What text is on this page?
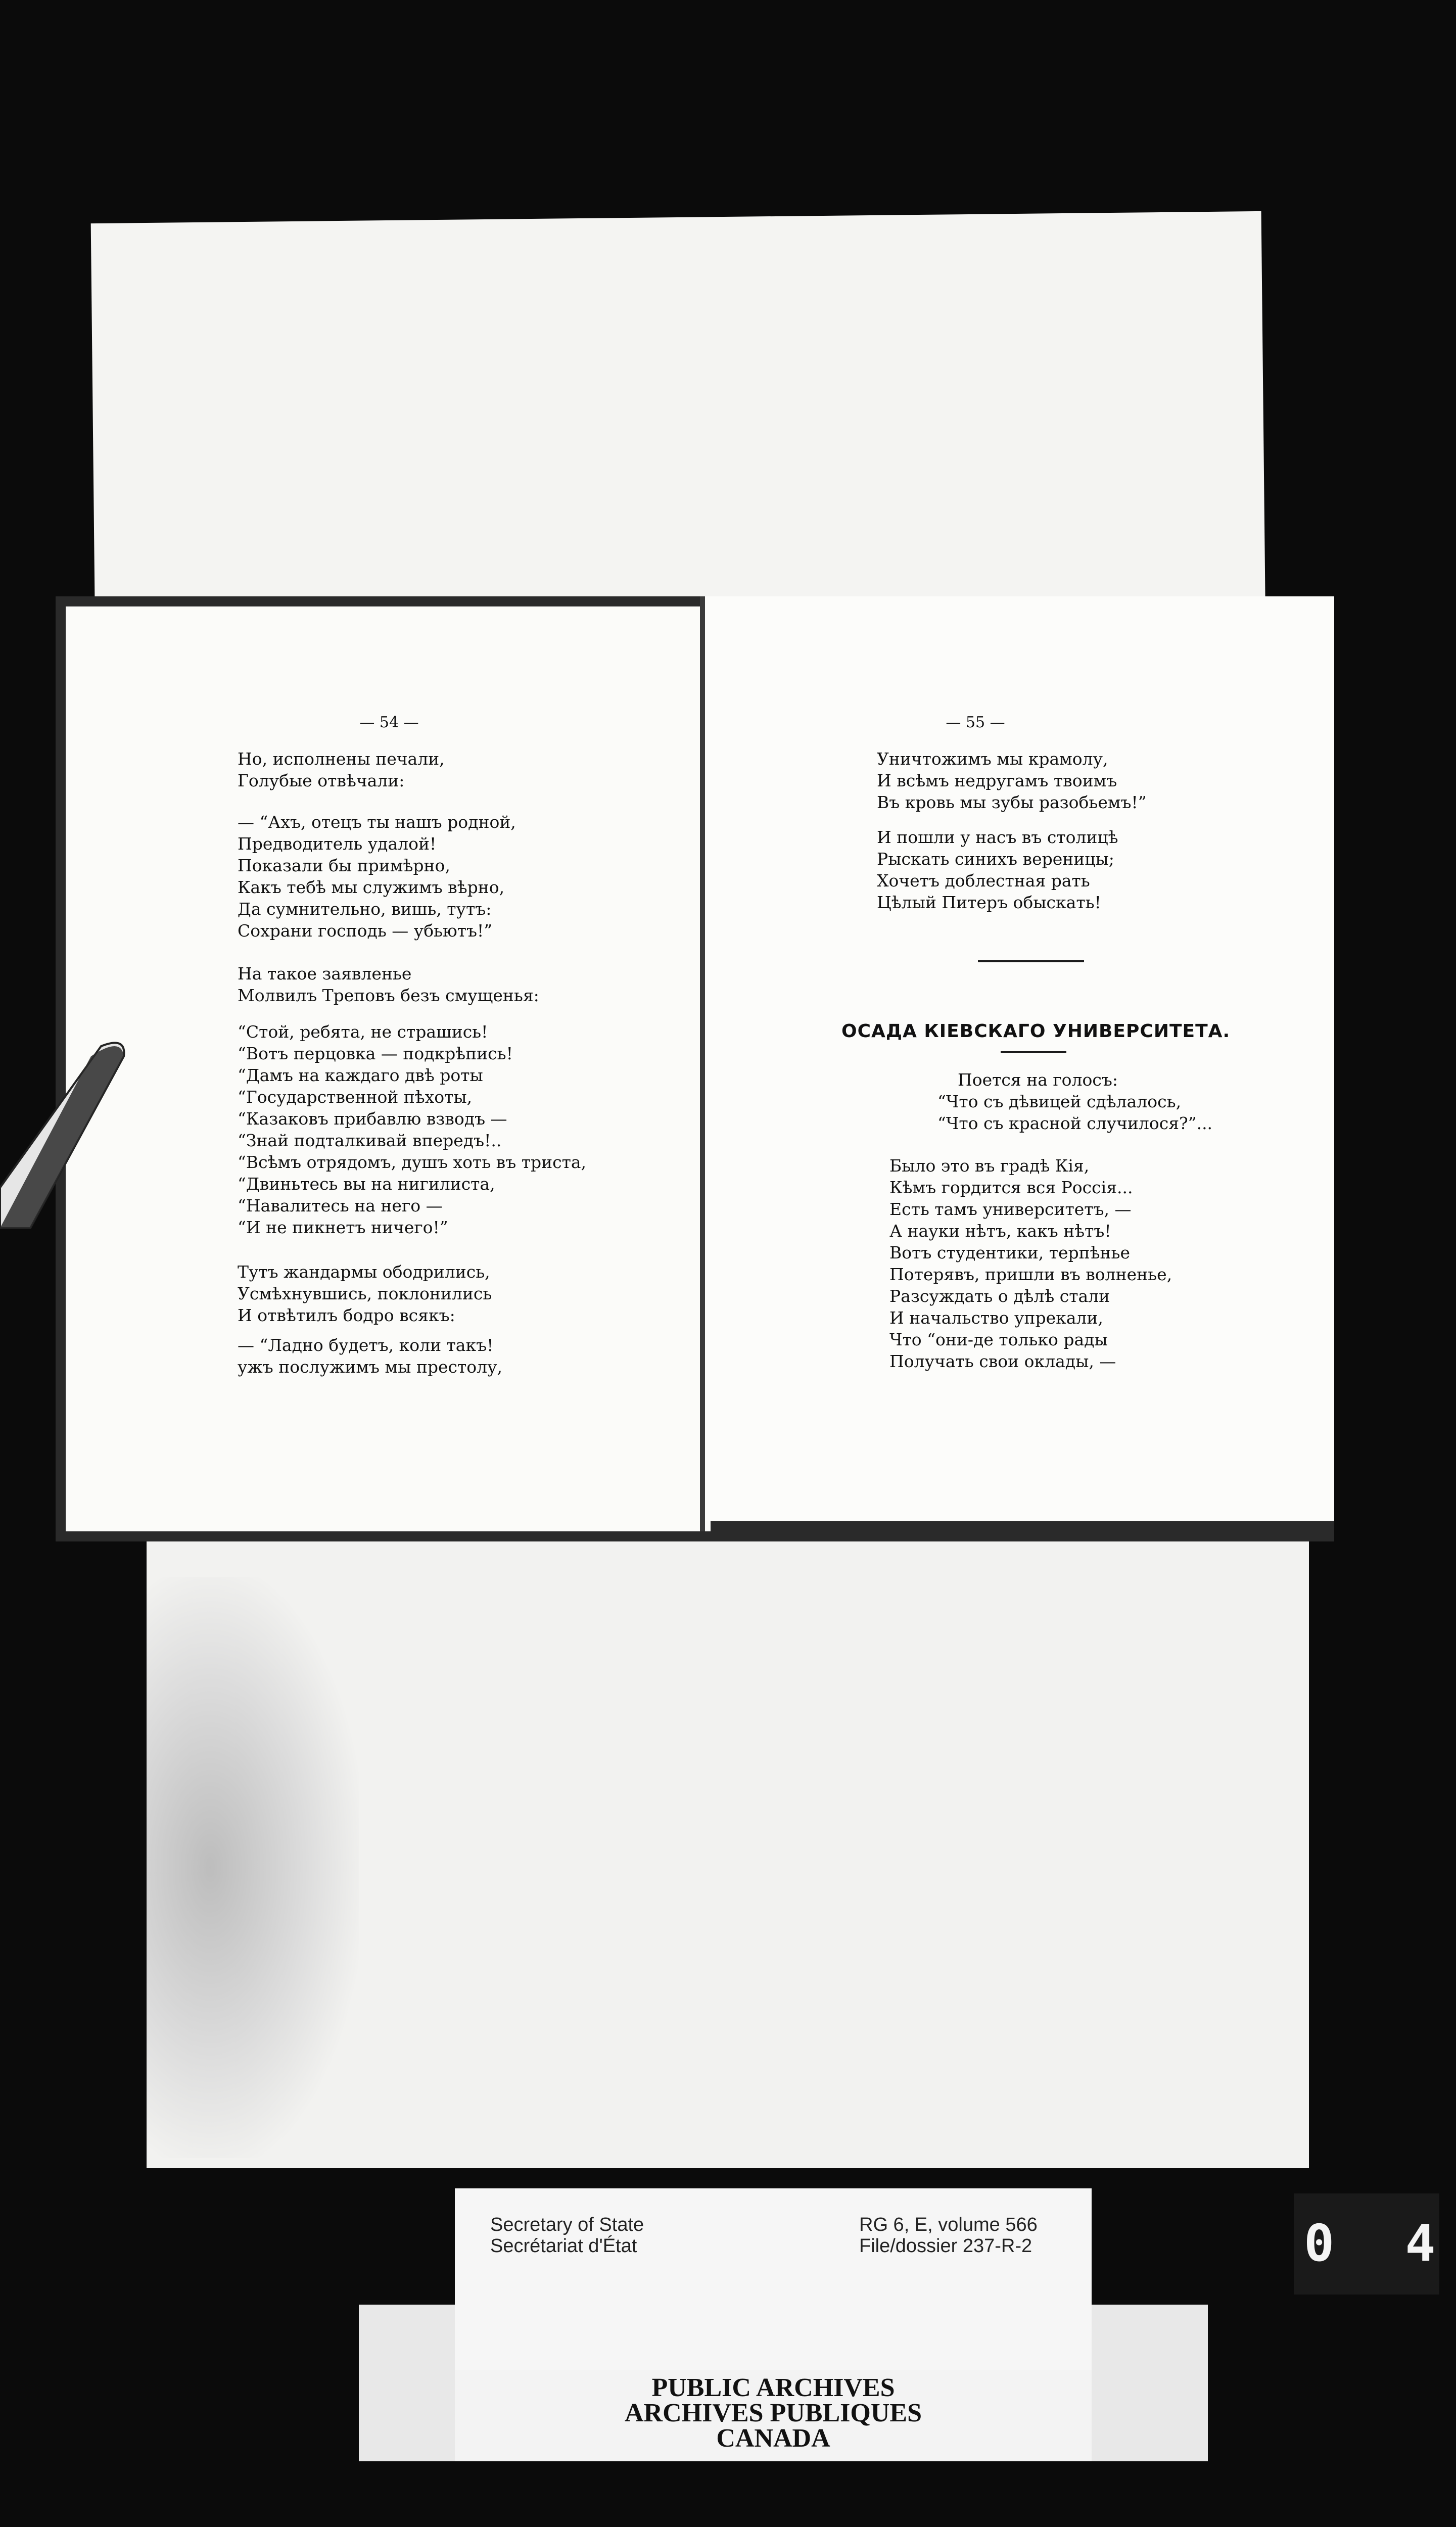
— 54 —
Но, исполнены печали,
Голубые отвѣчали:
— “Ахъ, отецъ ты нашъ родной,
Предводитель удалой!
Показали бы примѣрно,
Какъ тебѣ мы служимъ вѣрно,
Да сумнительно, вишь, тутъ:
Сохрани господь — убьютъ!”
На такое заявленье
Молвилъ Треповъ безъ смущенья:
“Стой, ребята, не страшись!
“Вотъ перцовка — подкрѣпись!
“Дамъ на каждаго двѣ роты
“Государственной пѣхоты,
“Казаковъ прибавлю взводъ —
“Знай подталкивай впередъ!..
“Всѣмъ отрядомъ, душъ хоть въ триста,
“Двиньтесь вы на нигилиста,
“Навалитесь на него —
“И не пикнетъ ничего!”
Тутъ жандармы ободрились,
Усмѣхнувшись, поклонились
И отвѣтилъ бодро всякъ:
— “Ладно будетъ, коли такъ!
ужъ послужимъ мы престолу,
— 55 —
Уничтожимъ мы крамолу,
И всѣмъ недругамъ твоимъ
Въ кровь мы зубы разобьемъ!”
И пошли у насъ въ столицѣ
Рыскать синихъ вереницы;
Хочетъ доблестная рать
Цѣлый Питеръ обыскать!
ОСАДА КІЕВСКАГО УНИВЕРСИТЕТА.
Поется на голосъ:
“Что съ дѣвицей сдѣлалось,
“Что съ красной случилося?”...
Было это въ градѣ Кія,
Кѣмъ гордится вся Россія...
Есть тамъ университетъ, —
А науки нѣтъ, какъ нѣтъ!
Вотъ студентики, терпѣнье
Потерявъ, пришли въ волненье,
Разсуждать о дѣлѣ стали
И начальство упрекали,
Что “они-де только рады
Получать свои оклады, —
Secretary of State
Secrétariat d'État
RG 6, E, volume 566
File/dossier 237-R-2
PUBLIC ARCHIVES
ARCHIVES PUBLIQUES
CANADA
0 4
